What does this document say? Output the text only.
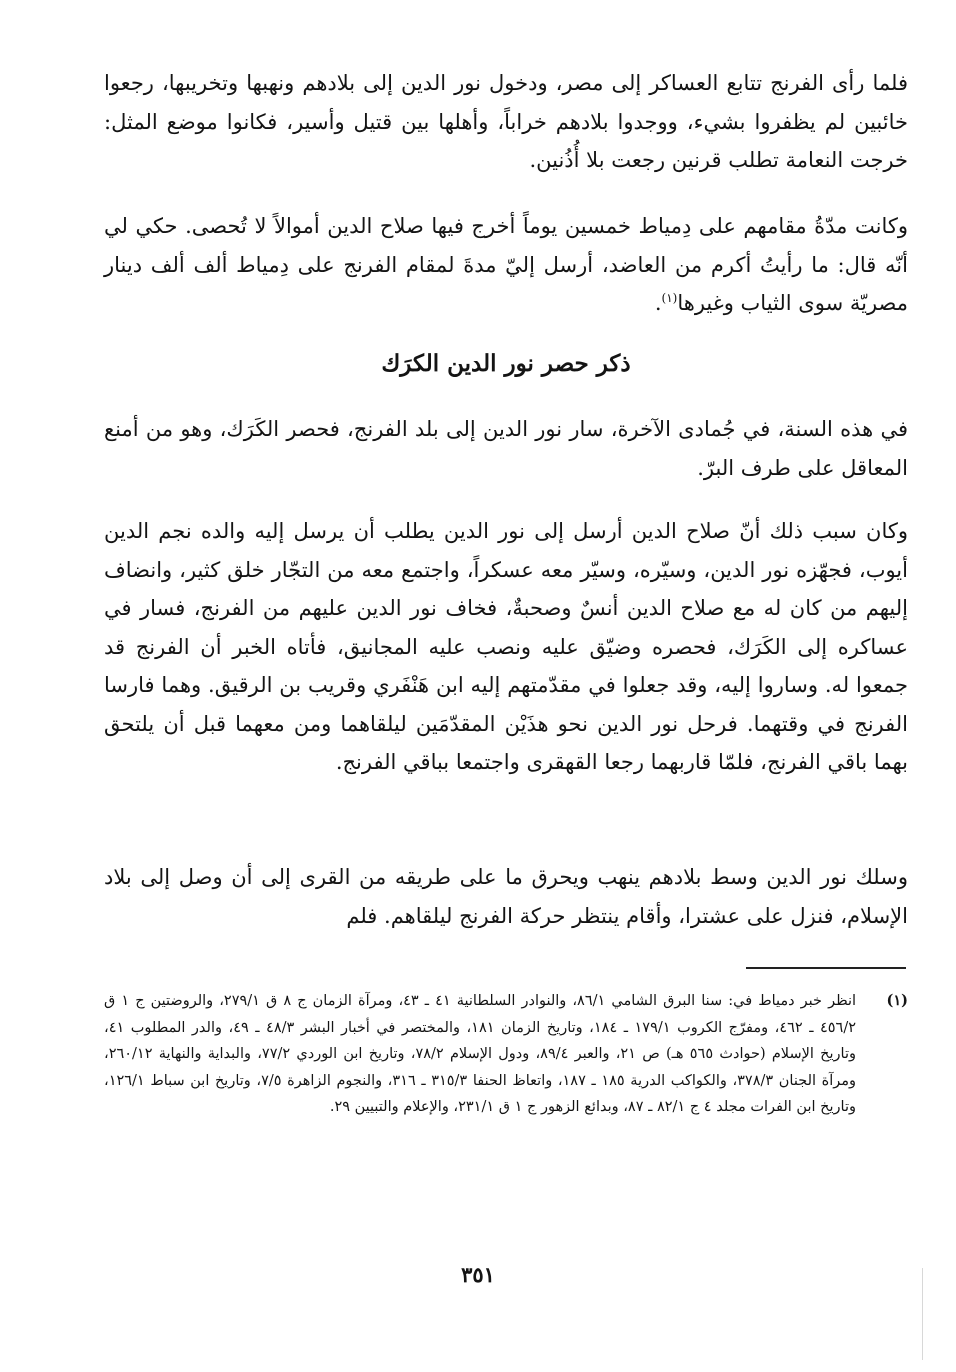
فلما رأى الفرنج تتابع العساكر إلى مصر، ودخول نور الدين إلى بلادهم ونهبها وتخريبها، رجعوا خائبين لم يظفروا بشيء، ووجدوا بلادهم خراباً، وأهلها بين قتيل وأسير، فكانوا موضع المثل: خرجت النعامة تطلب قرنين رجعت بلا أُذُنين.

وكانت مدّةُ مقامهم على دِمياط خمسين يوماً أخرج فيها صلاح الدين أموالاً لا تُحصى. حكي لي أنّه قال: ما رأيتُ أكرم من العاضد، أرسل إليّ مدةَ لمقام الفرنج على دِمياط ألف ألف دينار مصريّة سوى الثياب وغيرها$^{(١)}$.

ذكر حصر نور الدين الكرَك

في هذه السنة، في جُمادى الآخرة، سار نور الدين إلى بلد الفرنج، فحصر الكَرَك، وهو من أمنع المعاقل على طرف البرّ.

وكان سبب ذلك أنّ صلاح الدين أرسل إلى نور الدين يطلب أن يرسل إليه والده نجم الدين أيوب، فجهّزه نور الدين، وسيّره، وسيّر معه عسكراً، واجتمع معه من التجّار خلق كثير، وانضاف إليهم من كان له مع صلاح الدين أنسٌ وصحبةٌ، فخاف نور الدين عليهم من الفرنج، فسار في عساكره إلى الكَرَك، فحصره وضيّق عليه ونصب عليه المجانيق، فأتاه الخبر أن الفرنج قد جمعوا له. وساروا إليه، وقد جعلوا في مقدّمتهم إليه ابن هَنْفَري وقريب بن الرقيق. وهما فارسا الفرنج في وقتهما. فرحل نور الدين نحو هذَيْن المقدّمَين ليلقاهما ومن معهما قبل أن يلتحق بهما باقي الفرنج، فلمّا قاربهما رجعا القهقرى واجتمعا بباقي الفرنج.

وسلك نور الدين وسط بلادهم ينهب ويحرق ما على طريقه من القرى إلى أن وصل إلى بلاد الإسلام، فنزل على عشترا، وأقام ينتظر حركة الفرنج ليلقاهم. فلم

(١)
انظر خبر دمياط في: سنا البرق الشامي ٨٦/١، والنوادر السلطانية ٤١ ـ ٤٣، ومرآة الزمان ج ٨ ق ٢٧٩/١، والروضتين ج ١ ق ٤٥٦/٢ ـ ٤٦٢، ومفرّج الكروب ١٧٩/١ ـ ١٨٤، وتاريخ الزمان ١٨١، والمختصر في أخبار البشر ٤٨/٣ ـ ٤٩، والدر المطلوب ٤١، وتاريخ الإسلام (حوادث ٥٦٥ هـ) ص ٢١، والعبر ٨٩/٤، ودول الإسلام ٧٨/٢، وتاريخ ابن الوردي ٧٧/٢، والبداية والنهاية ٢٦٠/١٢، ومرآة الجنان ٣٧٨/٣، والكواكب الدرية ١٨٥ ـ ١٨٧، واتعاظ الحنفا ٣١٥/٣ ـ ٣١٦، والنجوم الزاهرة ٧/٥، وتاريخ ابن سباط ١٢٦/١، وتاريخ ابن الفرات مجلد ٤ ج ٨٢/١ ـ ٨٧، وبدائع الزهور ج ١ ق ٢٣١/١، والإعلام والتبيين ٢٩.
٣٥١
